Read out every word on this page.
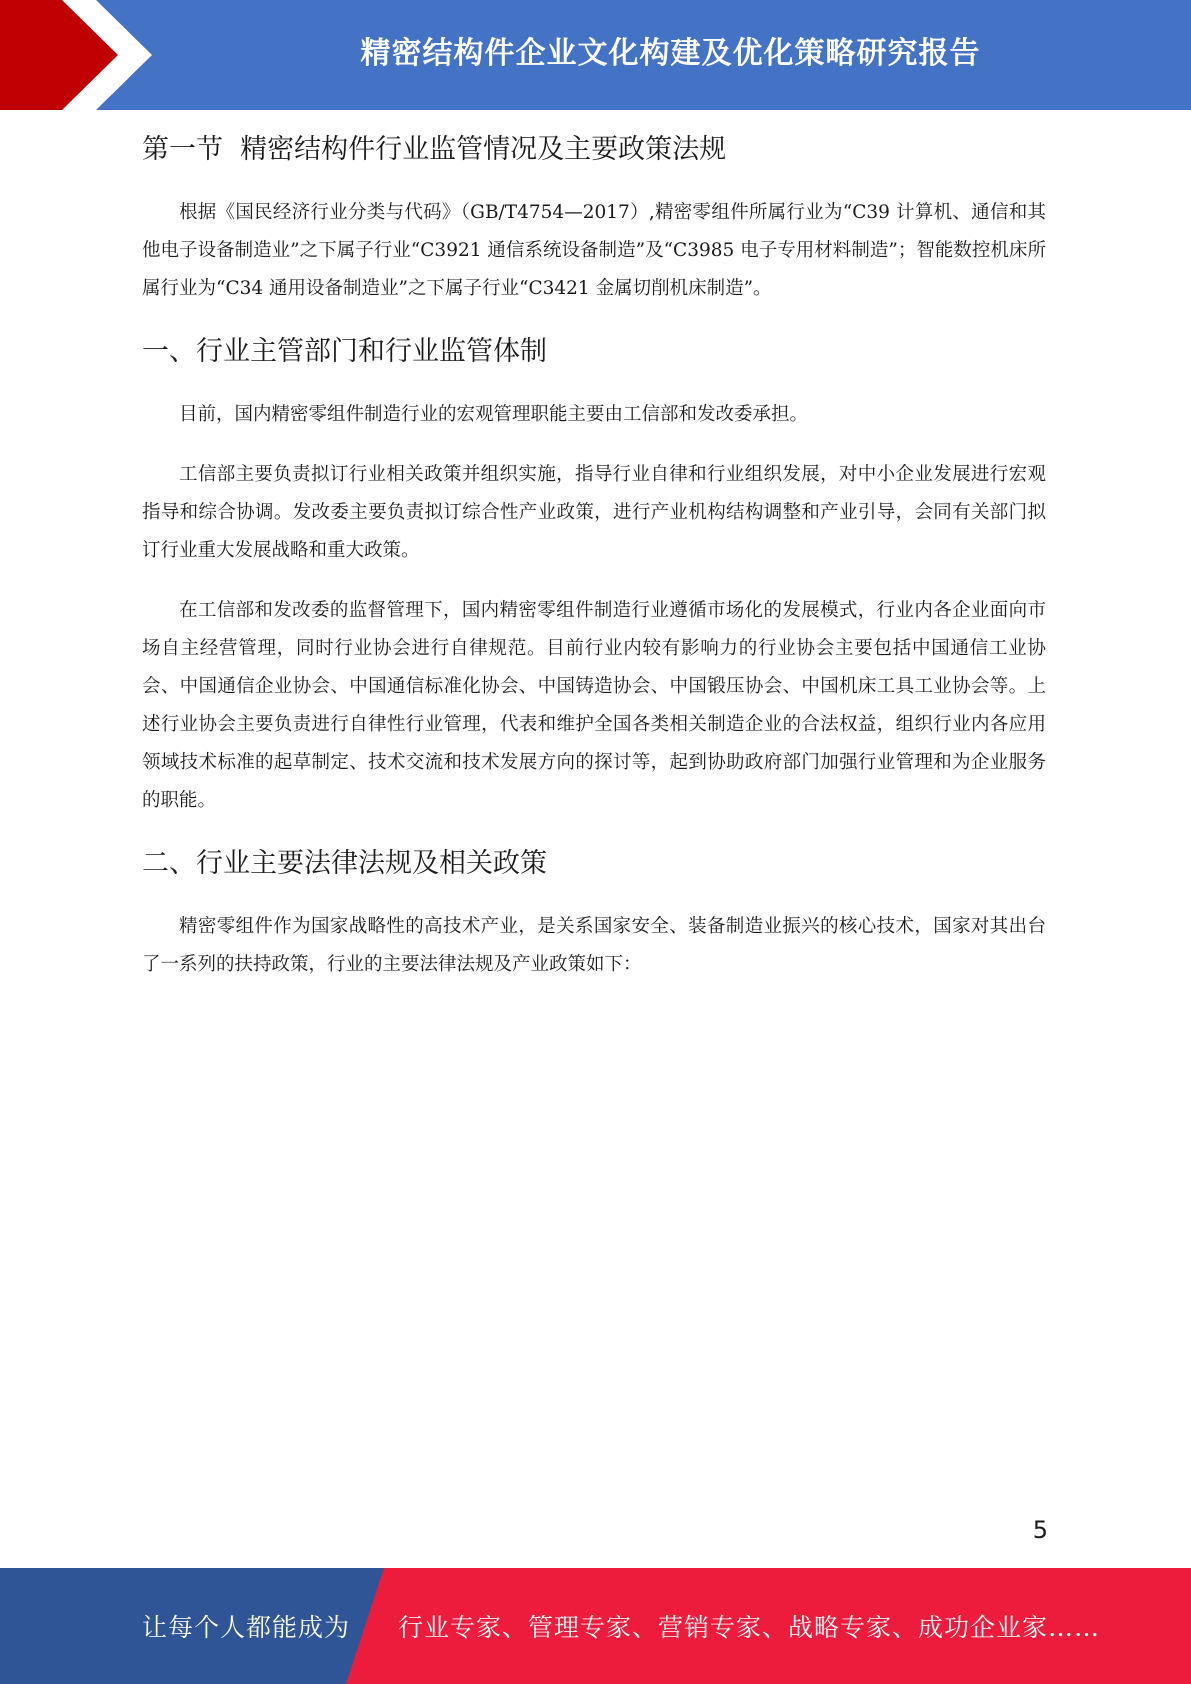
精密结构件企业文化构建及优化策略研究报告
第一节  精密结构件行业监管情况及主要政策法规

根据《国民经济行业分类与代码》（GB/T4754—2017）,精密零组件所属行业为“C39 计算机、通信和其他电子设备制造业”之下属子行业“C3921 通信系统设备制造”及“C3985 电子专用材料制造”；智能数控机床所属行业为“C34 通用设备制造业”之下属子行业“C3421 金属切削机床制造”。

一、行业主管部门和行业监管体制

目前，国内精密零组件制造行业的宏观管理职能主要由工信部和发改委承担。

工信部主要负责拟订行业相关政策并组织实施，指导行业自律和行业组织发展，对中小企业发展进行宏观指导和综合协调。发改委主要负责拟订综合性产业政策，进行产业机构结构调整和产业引导，会同有关部门拟订行业重大发展战略和重大政策。

在工信部和发改委的监督管理下，国内精密零组件制造行业遵循市场化的发展模式，行业内各企业面向市场自主经营管理，同时行业协会进行自律规范。目前行业内较有影响力的行业协会主要包括中国通信工业协会、中国通信企业协会、中国通信标准化协会、中国铸造协会、中国锻压协会、中国机床工具工业协会等。上述行业协会主要负责进行自律性行业管理，代表和维护全国各类相关制造企业的合法权益，组织行业内各应用领域技术标准的起草制定、技术交流和技术发展方向的探讨等，起到协助政府部门加强行业管理和为企业服务的职能。

二、行业主要法律法规及相关政策

精密零组件作为国家战略性的高技术产业，是关系国家安全、装备制造业振兴的核心技术，国家对其出台了一系列的扶持政策，行业的主要法律法规及产业政策如下：

5
让每个人都能成为 行业专家、管理专家、营销专家、战略专家、成功企业家……
